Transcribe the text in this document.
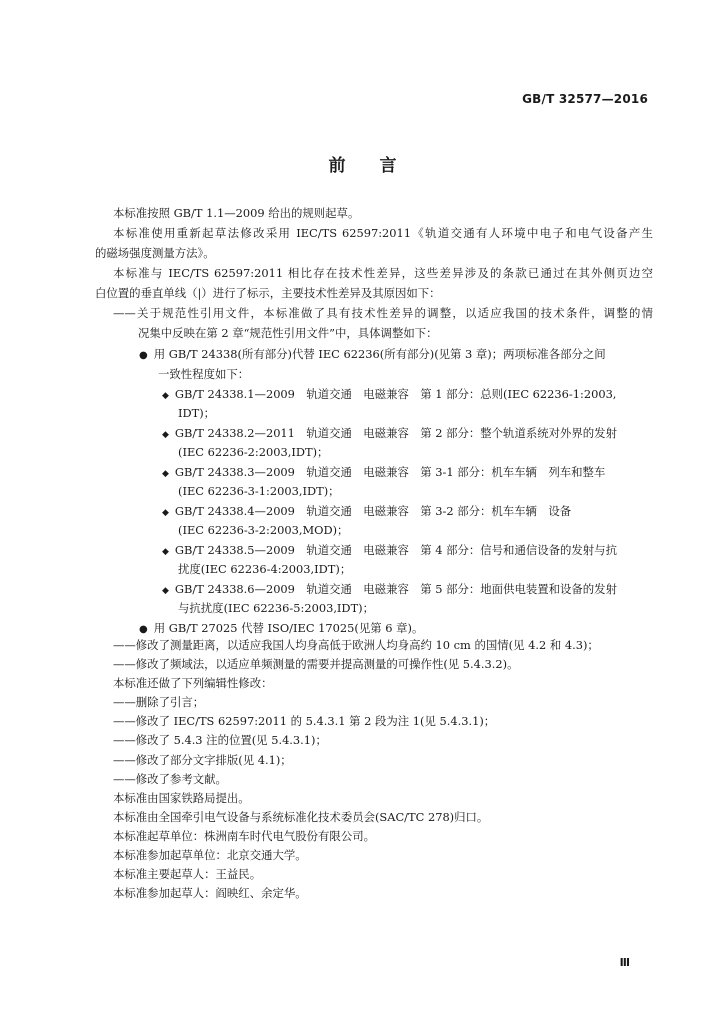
GB/T 32577—2016
前 言
本标准按照 GB/T 1.1—2009 给出的规则起草。
本标准使用重新起草法修改采用 IEC/TS 62597:2011《轨道交通有人环境中电子和电气设备产生
的磁场强度测量方法》。
本标准与 IEC/TS 62597:2011 相比存在技术性差异，这些差异涉及的条款已通过在其外侧页边空
白位置的垂直单线（|）进行了标示，主要技术性差异及其原因如下：
——关于规范性引用文件，本标准做了具有技术性差异的调整，以适应我国的技术条件，调整的情
况集中反映在第 2 章“规范性引用文件”中，具体调整如下：
● 用 GB/T 24338(所有部分)代替 IEC 62236(所有部分)(见第 3 章)；两项标准各部分之间
一致性程度如下：
◆ GB/T 24338.1—2009　轨道交通　电磁兼容　第 1 部分：总则(IEC 62236-1:2003,
IDT)；
◆ GB/T 24338.2—2011　轨道交通　电磁兼容　第 2 部分：整个轨道系统对外界的发射
(IEC 62236-2:2003,IDT)；
◆ GB/T 24338.3—2009　轨道交通　电磁兼容　第 3-1 部分：机车车辆　列车和整车
(IEC 62236-3-1:2003,IDT)；
◆ GB/T 24338.4—2009　轨道交通　电磁兼容　第 3-2 部分：机车车辆　设备
(IEC 62236-3-2:2003,MOD)；
◆ GB/T 24338.5—2009　轨道交通　电磁兼容　第 4 部分：信号和通信设备的发射与抗
扰度(IEC 62236-4:2003,IDT)；
◆ GB/T 24338.6—2009　轨道交通　电磁兼容　第 5 部分：地面供电装置和设备的发射
与抗扰度(IEC 62236-5:2003,IDT)；
● 用 GB/T 27025 代替 ISO/IEC 17025(见第 6 章)。
——修改了测量距离，以适应我国人均身高低于欧洲人均身高约 10 cm 的国情(见 4.2 和 4.3)；
——修改了频域法，以适应单频测量的需要并提高测量的可操作性(见 5.4.3.2)。
本标准还做了下列编辑性修改：
——删除了引言；
——修改了 IEC/TS 62597:2011 的 5.4.3.1 第 2 段为注 1(见 5.4.3.1)；
——修改了 5.4.3 注的位置(见 5.4.3.1)；
——修改了部分文字排版(见 4.1)；
——修改了参考文献。
本标准由国家铁路局提出。
本标准由全国牵引电气设备与系统标准化技术委员会(SAC/TC 278)归口。
本标准起草单位：株洲南车时代电气股份有限公司。
本标准参加起草单位：北京交通大学。
本标准主要起草人：王益民。
本标准参加起草人：阎映红、余定华。
Ⅲ
